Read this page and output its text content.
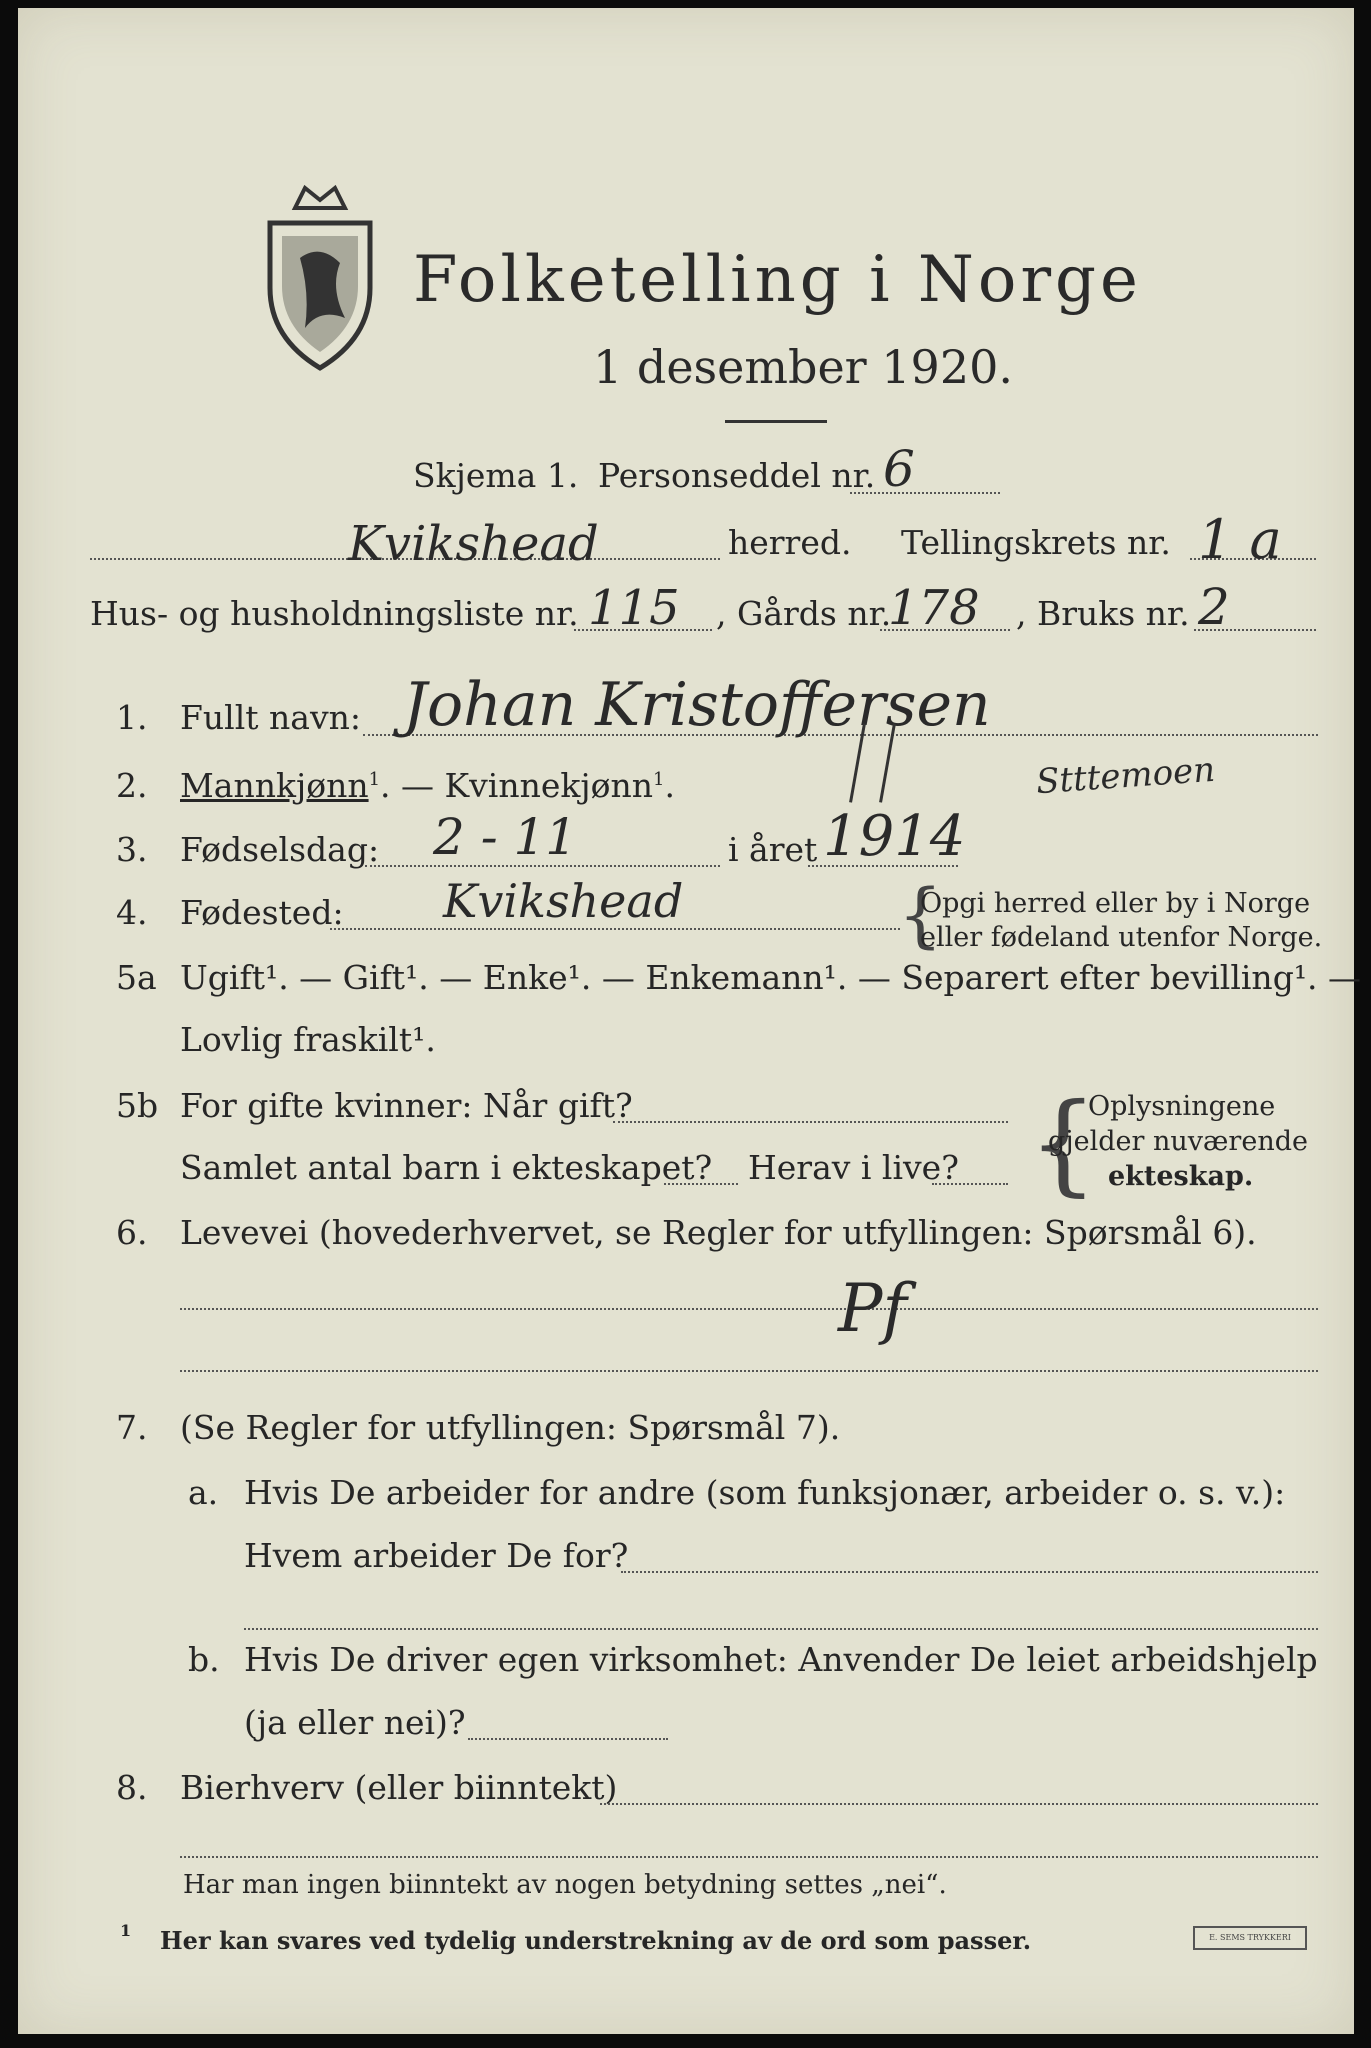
Folketelling i Norge
1 desember 1920.
Skjema 1. Personseddel nr. 6
Kvikshead	herred. Tellingskrets nr. 1 a
Hus- og husholdningsliste nr. 115 , Gårds nr.
178 , Bruks nr. 2
1. Fullt navn: Johan Kristoffersen
2. Mannkjønn$^1$. — Kvinnekjønn$^1$.	Stttemoen
3. Fødselsdag: 2 - 11	i året 1914
4. Fødested: Kvikshead	{
Opgi herred eller by i Norge
eller fødeland utenfor Norge.
5a Ugift¹. — Gift¹. — Enke¹. — Enkemann¹. — Separert efter bevilling¹. —
Lovlig fraskilt¹.
5b For gifte kvinner: Når gift?
Samlet antal barn i ekteskapet? Herav i live? {
Oplysningene
gjelder nuværende
ekteskap.
6. Levevei (hovederhvervet, se Regler for utfyllingen: Spørsmål 6).
Pf
7. (Se Regler for utfyllingen: Spørsmål 7).
a. Hvis De arbeider for andre (som funksjonær, arbeider o. s. v.):
Hvem arbeider De for?
b. Hvis De driver egen virksomhet: Anvender De leiet arbeidshjelp
(ja eller nei)?
8. Bierhverv (eller biinntekt)
Har man ingen biinntekt av nogen betydning settes „nei“.
1 Her kan svares ved tydelig understrekning av de ord som passer.	E. SEMS TRYKKERI
